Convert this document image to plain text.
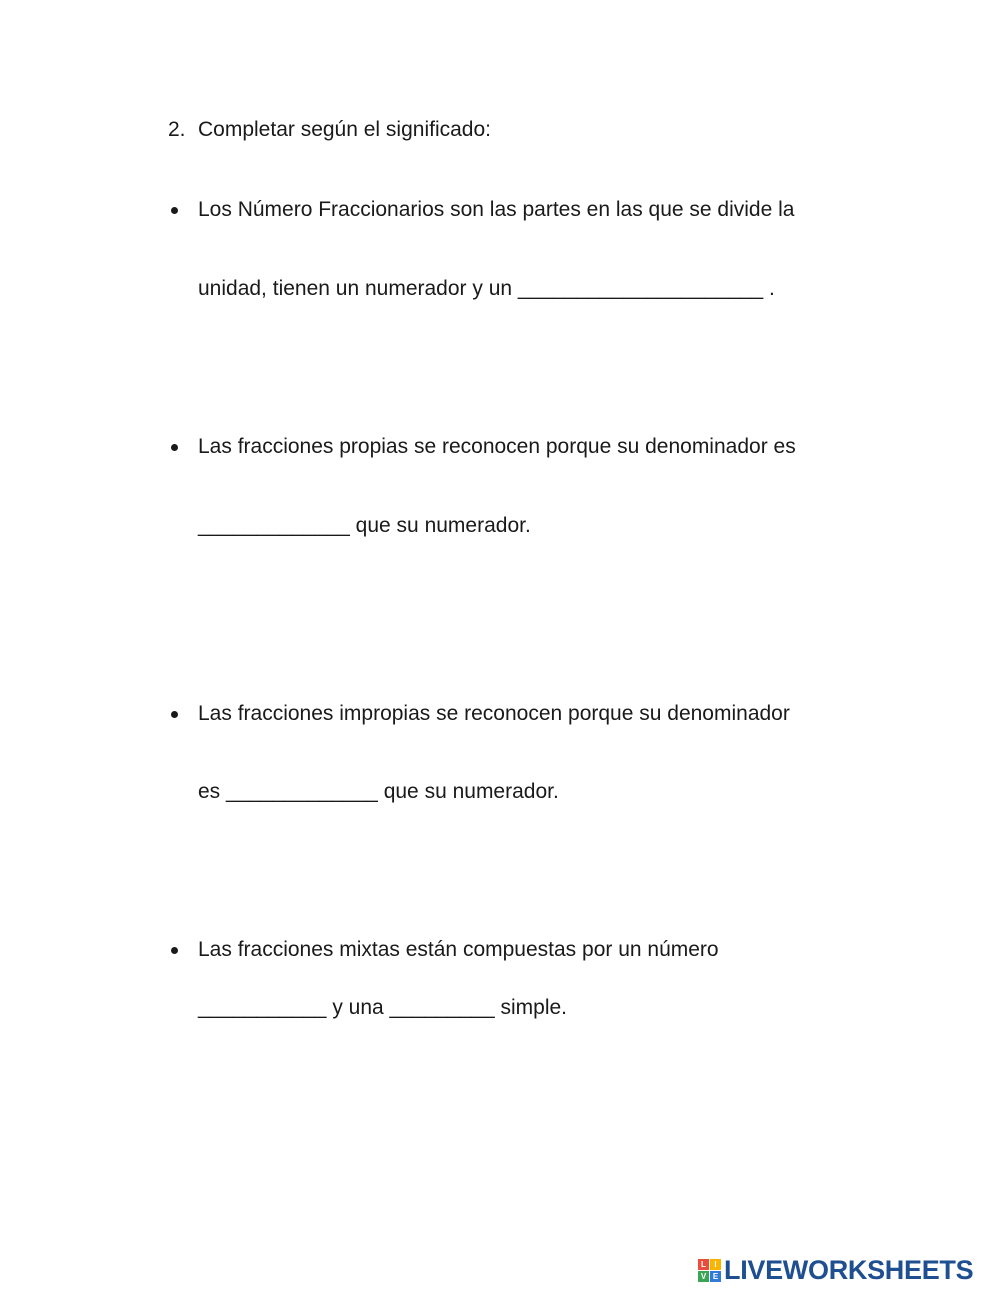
2. Completar según el significado:
Los Número Fraccionarios son las partes en las que se divide la
unidad, tienen un numerador y un _____________________ .
Las fracciones propias se reconocen porque su denominador es
_____________ que su numerador.
Las fracciones impropias se reconocen porque su denominador
es _____________ que su numerador.
Las fracciones mixtas están compuestas por un número
___________ y una _________ simple.
L	I
V E LIVEWORKSHEETS
